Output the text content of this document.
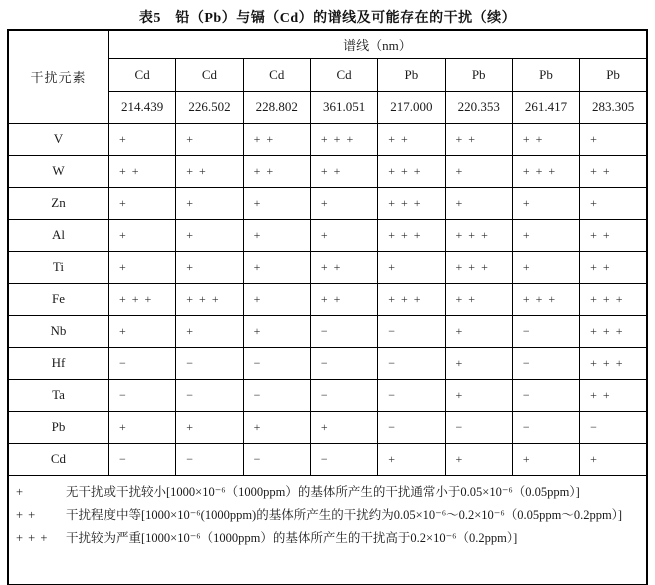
表5　铅（Pb）与镉（Cd）的谱线及可能存在的干扰（续）
干扰元素	谱线（nm）							
	Cd	Cd	Cd	Cd	Pb	Pb	Pb	Pb
	214.439	226.502	228.802	361.051	217.000	220.353	261.417	283.305
V	+	+	+ +	+ + +	+ +	+ +	+ +	+
W	+ +	+ +	+ +	+ +	+ + +	+	+ + +	+ +
Zn	+	+	+	+	+ + +	+	+	+
Al	+	+	+	+	+ + +	+ + +	+	+ +
Ti	+	+	+	+ +	+	+ + +	+	+ +
Fe	+ + +	+ + +	+	+ +	+ + +	+ +	+ + +	+ + +
Nb	+	+	+	−	−	+	−	+ + +
Hf	−	−	−	−	−	+	−	+ + +
Ta	−	−	−	−	−	+	−	+ +
Pb	+	+	+	+	−	−	−	−
Cd	−	−	−	−	+	+	+	+

+	无干扰或干扰较小[1000×10⁻⁶（1000ppm）的基体所产生的干扰通常小于0.05×10⁻⁶（0.05ppm）]
+ +	干扰程度中等[1000×10⁻⁶(1000ppm)的基体所产生的干扰约为0.05×10⁻⁶～0.2×10⁻⁶（0.05ppm～0.2ppm）]
+ + +	干扰较为严重[1000×10⁻⁶（1000ppm）的基体所产生的干扰高于0.2×10⁻⁶（0.2ppm）]
